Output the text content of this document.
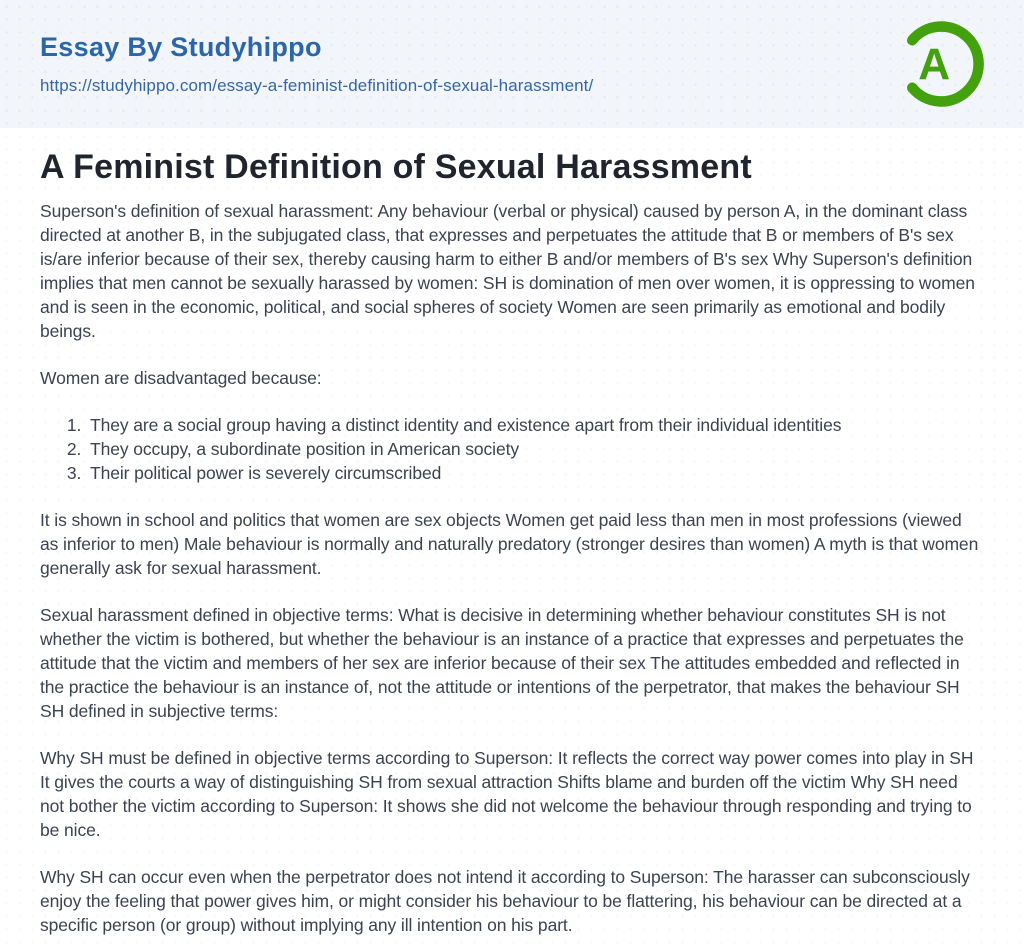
Essay By Studyhippo
https://studyhippo.com/essay-a-feminist-definition-of-sexual-harassment/	A
A Feminist Definition of Sexual Harassment

Superson's definition of sexual harassment: Any behaviour (verbal or physical) caused by person A, in the dominant class directed at another B, in the subjugated class, that expresses and perpetuates the attitude that B or members of B's sex is/are inferior because of their sex, thereby causing harm to either B and/or members of B's sex Why Superson's definition implies that men cannot be sexually harassed by women: SH is domination of men over women, it is oppressing to women and is seen in the economic, political, and social spheres of society Women are seen primarily as emotional and bodily beings.

Women are disadvantaged because:

1. They are a social group having a distinct identity and existence apart from their individual identities
2. They occupy, a subordinate position in American society
3. Their political power is severely circumscribed

It is shown in school and politics that women are sex objects Women get paid less than men in most professions (viewed as inferior to men) Male behaviour is normally and naturally predatory (stronger desires than women) A myth is that women generally ask for sexual harassment.

Sexual harassment defined in objective terms: What is decisive in determining whether behaviour constitutes SH is not whether the victim is bothered, but whether the behaviour is an instance of a practice that expresses and perpetuates the attitude that the victim and members of her sex are inferior because of their sex The attitudes embedded and reflected in the practice the behaviour is an instance of, not the attitude or intentions of the perpetrator, that makes the behaviour SH SH defined in subjective terms:

Why SH must be defined in objective terms according to Superson: It reflects the correct way power comes into play in SH It gives the courts a way of distinguishing SH from sexual attraction Shifts blame and burden off the victim Why SH need not bother the victim according to Superson: It shows she did not welcome the behaviour through responding and trying to be nice.

Why SH can occur even when the perpetrator does not intend it according to Superson: The harasser can subconsciously enjoy the feeling that power gives him, or might consider his behaviour to be flattering, his behaviour can be directed at a specific person (or group) without implying any ill intention on his part.
